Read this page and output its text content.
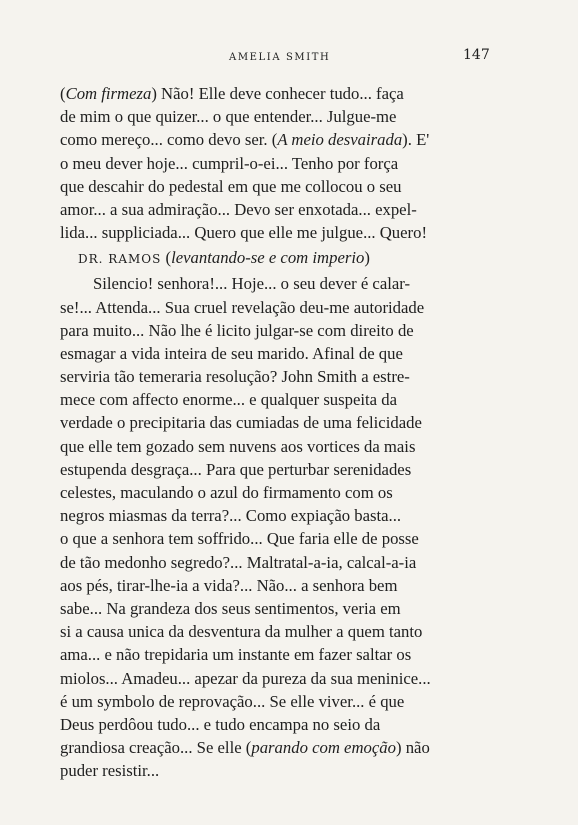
AMELIA SMITH	147
(Com firmeza) Não! Elle deve conhecer tudo... faça
de mim o que quizer... o que entender... Julgue-me
como mereço... como devo ser. (A meio desvairada). E'
o meu dever hoje... cumpril-o-ei... Tenho por força
que descahir do pedestal em que me collocou o seu
amor... a sua admiração... Devo ser enxotada... expel-
lida... suppliciada... Quero que elle me julgue... Quero!
DR. RAMOS (levantando-se e com imperio)
Silencio! senhora!... Hoje... o seu dever é calar-
se!... Attenda... Sua cruel revelação deu-me autoridade
para muito... Não lhe é licito julgar-se com direito de
esmagar a vida inteira de seu marido. Afinal de que
serviria tão temeraria resolução? John Smith a estre-
mece com affecto enorme... e qualquer suspeita da
verdade o precipitaria das cumiadas de uma felicidade
que elle tem gozado sem nuvens aos vortices da mais
estupenda desgraça... Para que perturbar serenidades
celestes, maculando o azul do firmamento com os
negros miasmas da terra?... Como expiação basta...
o que a senhora tem soffrido... Que faria elle de posse
de tão medonho segredo?... Maltratal-a-ia, calcal-a-ia
aos pés, tirar-lhe-ia a vida?... Não... a senhora bem
sabe... Na grandeza dos seus sentimentos, veria em
si a causa unica da desventura da mulher a quem tanto
ama... e não trepidaria um instante em fazer saltar os
miolos... Amadeu... apezar da pureza da sua meninice...
é um symbolo de reprovação... Se elle viver... é que
Deus perdôou tudo... e tudo encampa no seio da
grandiosa creação... Se elle (parando com emoção) não
puder resistir...
